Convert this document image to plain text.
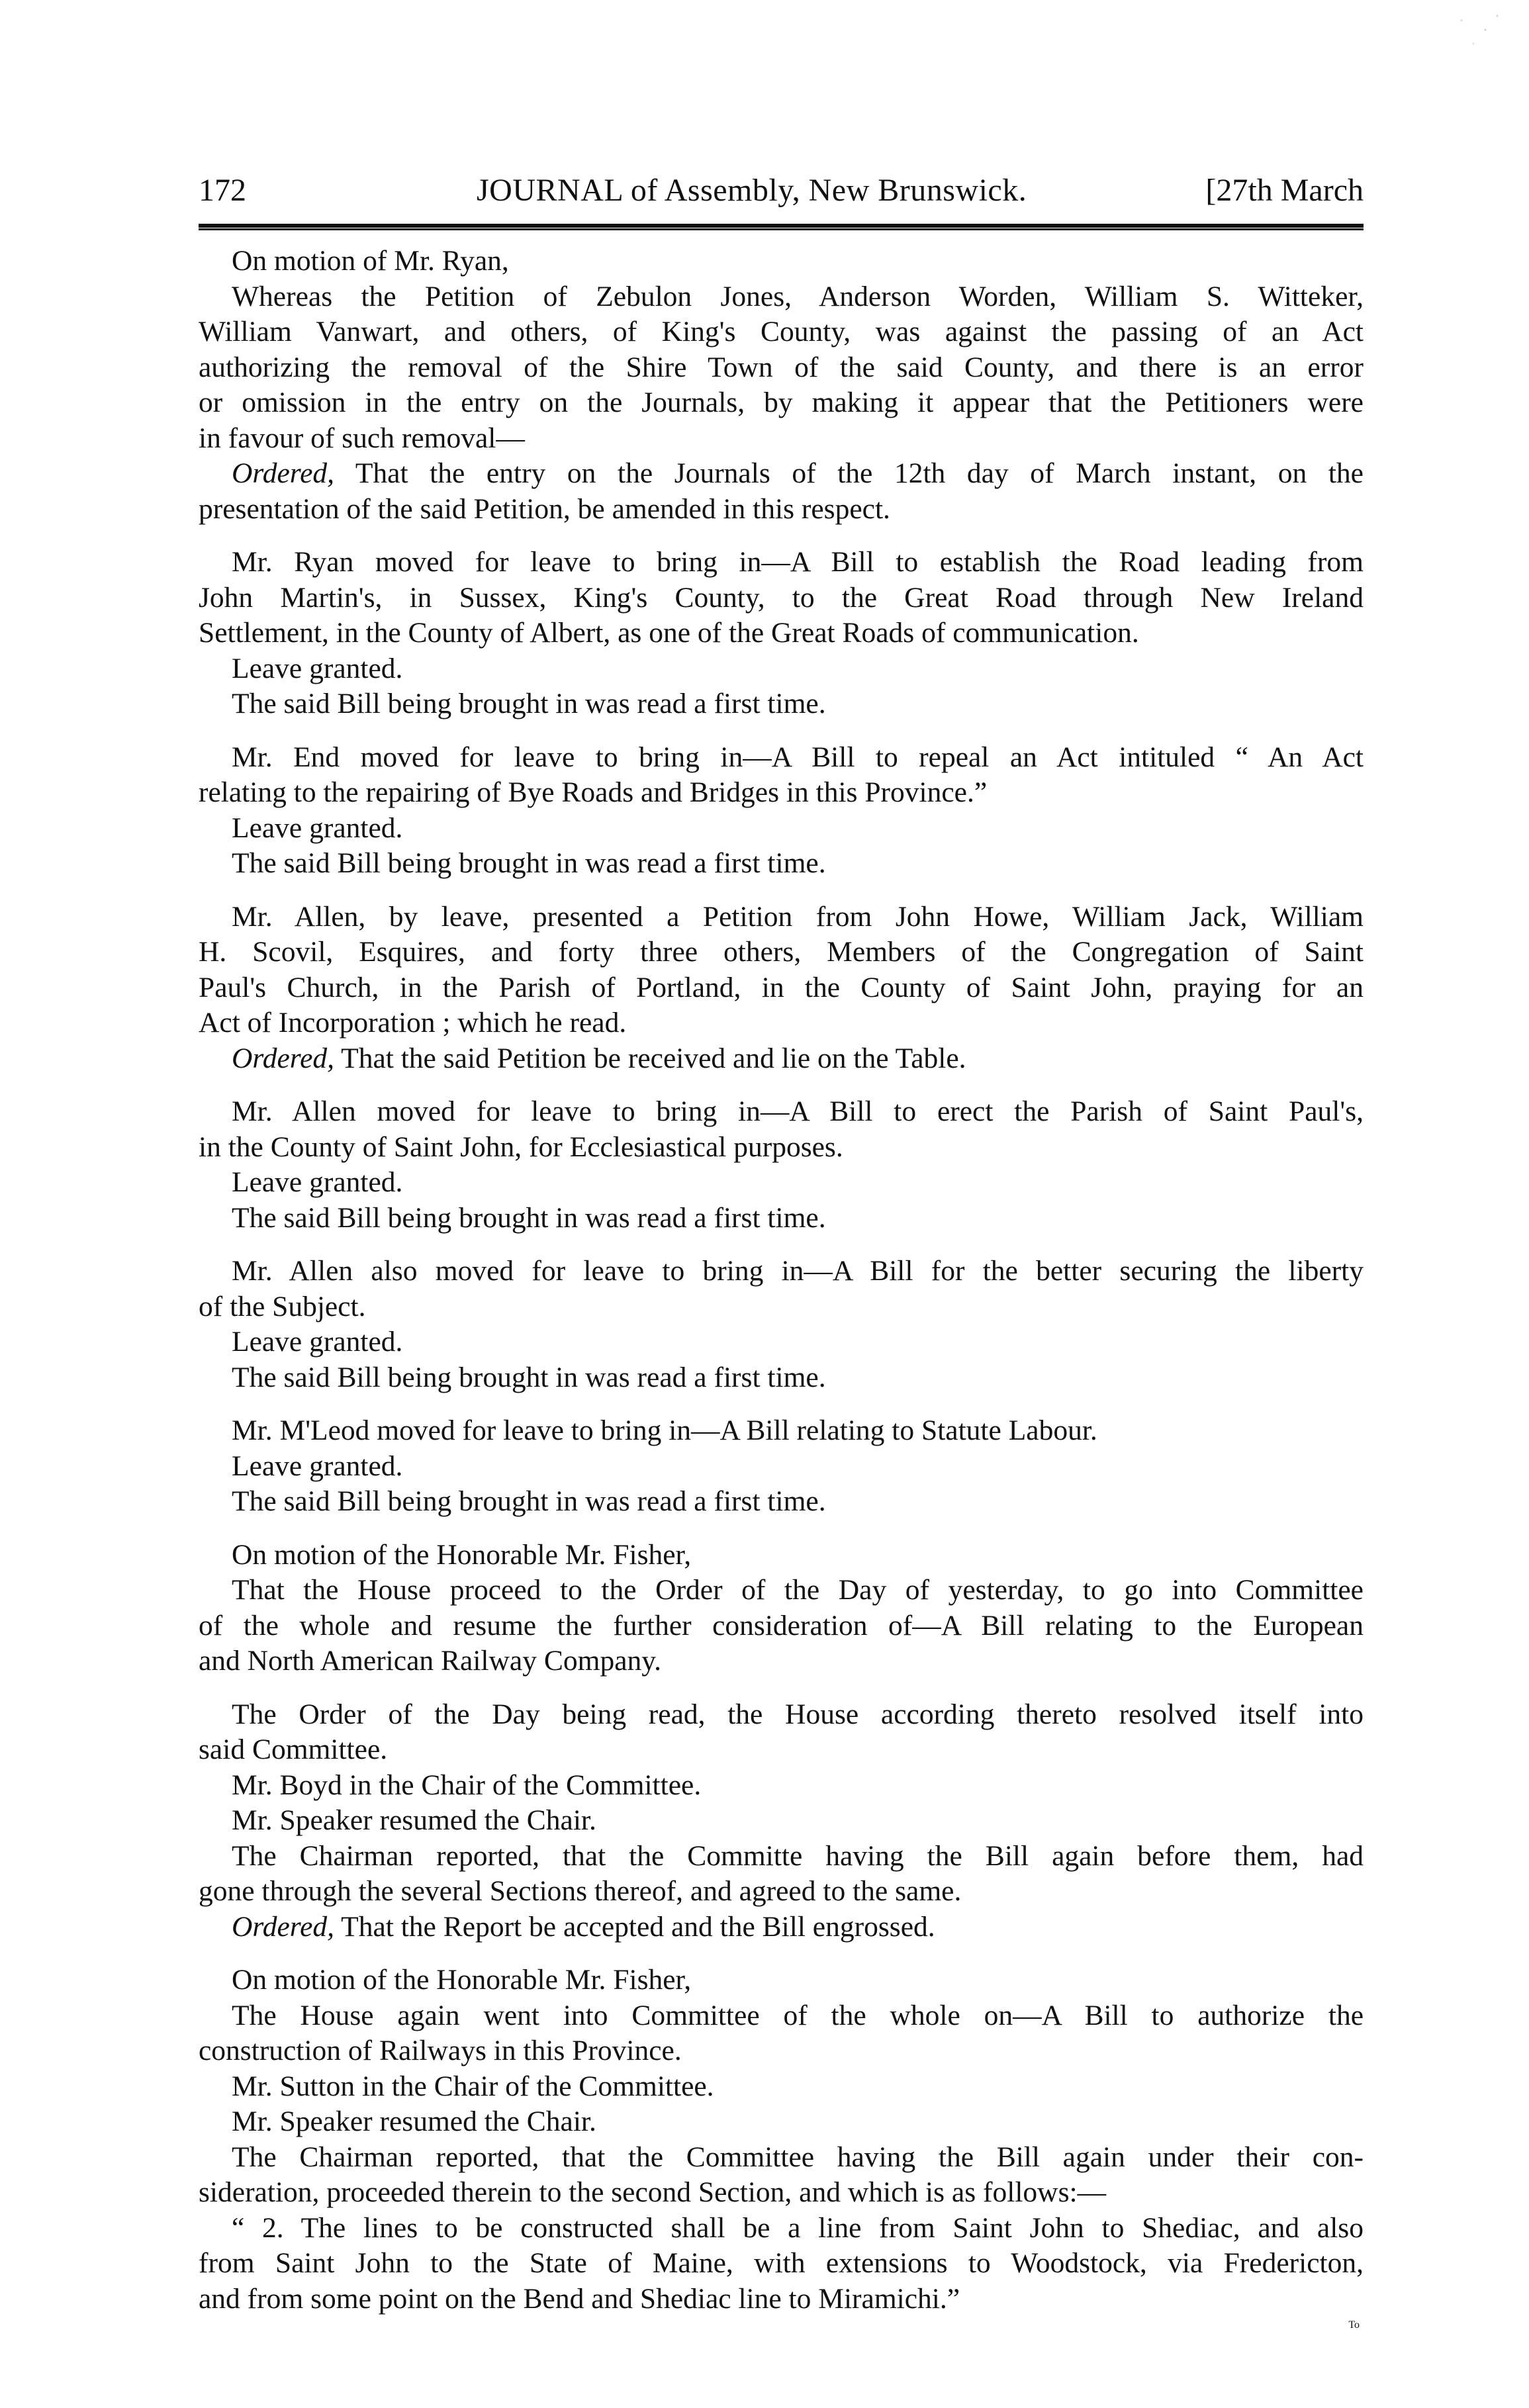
172	JOURNAL of Assembly, New Brunswick.	[27th March
On motion of Mr. Ryan,
Whereas the Petition of Zebulon Jones, Anderson Worden, William S. Witteker,
William Vanwart, and others, of King's County, was against the passing of an Act
authorizing the removal of the Shire Town of the said County, and there is an error
or omission in the entry on the Journals, by making it appear that the Petitioners were
in favour of such removal—
Ordered, That the entry on the Journals of the 12th day of March instant, on the
presentation of the said Petition, be amended in this respect.
Mr. Ryan moved for leave to bring in—A Bill to establish the Road leading from
John Martin's, in Sussex, King's County, to the Great Road through New Ireland
Settlement, in the County of Albert, as one of the Great Roads of communication.
Leave granted.
The said Bill being brought in was read a first time.
Mr. End moved for leave to bring in—A Bill to repeal an Act intituled “ An Act
relating to the repairing of Bye Roads and Bridges in this Province.”
Leave granted.
The said Bill being brought in was read a first time.
Mr. Allen, by leave, presented a Petition from John Howe, William Jack, William
H. Scovil, Esquires, and forty three others, Members of the Congregation of Saint
Paul's Church, in the Parish of Portland, in the County of Saint John, praying for an
Act of Incorporation ; which he read.
Ordered, That the said Petition be received and lie on the Table.
Mr. Allen moved for leave to bring in—A Bill to erect the Parish of Saint Paul's,
in the County of Saint John, for Ecclesiastical purposes.
Leave granted.
The said Bill being brought in was read a first time.
Mr. Allen also moved for leave to bring in—A Bill for the better securing the liberty
of the Subject.
Leave granted.
The said Bill being brought in was read a first time.
Mr. M'Leod moved for leave to bring in—A Bill relating to Statute Labour.
Leave granted.
The said Bill being brought in was read a first time.
On motion of the Honorable Mr. Fisher,
That the House proceed to the Order of the Day of yesterday, to go into Committee
of the whole and resume the further consideration of—A Bill relating to the European
and North American Railway Company.
The Order of the Day being read, the House according thereto resolved itself into
said Committee.
Mr. Boyd in the Chair of the Committee.
Mr. Speaker resumed the Chair.
The Chairman reported, that the Committe having the Bill again before them, had
gone through the several Sections thereof, and agreed to the same.
Ordered, That the Report be accepted and the Bill engrossed.
On motion of the Honorable Mr. Fisher,
The House again went into Committee of the whole on—A Bill to authorize the
construction of Railways in this Province.
Mr. Sutton in the Chair of the Committee.
Mr. Speaker resumed the Chair.
The Chairman reported, that the Committee having the Bill again under their con-
sideration, proceeded therein to the second Section, and which is as follows:—
“ 2. The lines to be constructed shall be a line from Saint John to Shediac, and also
from Saint John to the State of Maine, with extensions to Woodstock, via Fredericton,
and from some point on the Bend and Shediac line to Miramichi.”
To
